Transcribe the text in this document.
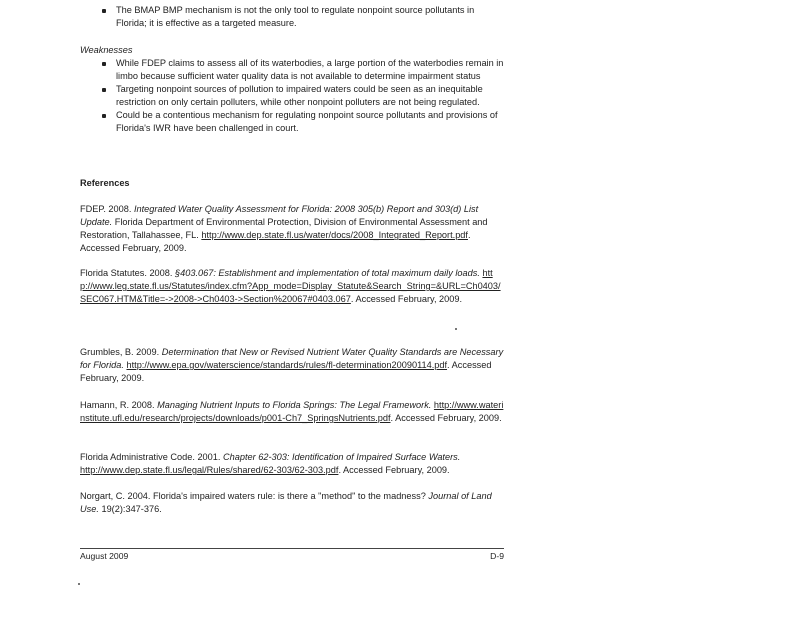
The BMAP BMP mechanism is not the only tool to regulate nonpoint source pollutants in Florida; it is effective as a targeted measure.
Weaknesses
While FDEP claims to assess all of its waterbodies, a large portion of the waterbodies remain in limbo because sufficient water quality data is not available to determine impairment status
Targeting nonpoint sources of pollution to impaired waters could be seen as an inequitable restriction on only certain polluters, while other nonpoint polluters are not being regulated.
Could be a contentious mechanism for regulating nonpoint source pollutants and provisions of Florida's IWR have been challenged in court.
References

FDEP. 2008. Integrated Water Quality Assessment for Florida: 2008 305(b) Report and 303(d) List Update. Florida Department of Environmental Protection, Division of Environmental Assessment and Restoration, Tallahassee, FL. http://www.dep.state.fl.us/water/docs/2008_Integrated_Report.pdf. Accessed February, 2009.

Florida Statutes. 2008. §403.067: Establishment and implementation of total maximum daily loads. http://www.leg.state.fl.us/Statutes/index.cfm?App_mode=Display_Statute&Search_String=&URL=Ch0403/SEC067.HTM&Title=->2008->Ch0403->Section%20067#0403.067. Accessed February, 2009.

Grumbles, B. 2009. Determination that New or Revised Nutrient Water Quality Standards are Necessary for Florida. http://www.epa.gov/waterscience/standards/rules/fl-determination20090114.pdf. Accessed February, 2009.

Hamann, R. 2008. Managing Nutrient Inputs to Florida Springs: The Legal Framework. http://www.waterinstitute.ufl.edu/research/projects/downloads/p001-Ch7_SpringsNutrients.pdf. Accessed February, 2009.

Florida Administrative Code. 2001. Chapter 62-303: Identification of Impaired Surface Waters. http://www.dep.state.fl.us/legal/Rules/shared/62-303/62-303.pdf. Accessed February, 2009.

Norgart, C. 2004. Florida's impaired waters rule: is there a "method" to the madness? Journal of Land Use. 19(2):347-376.

August 2009	D-9
